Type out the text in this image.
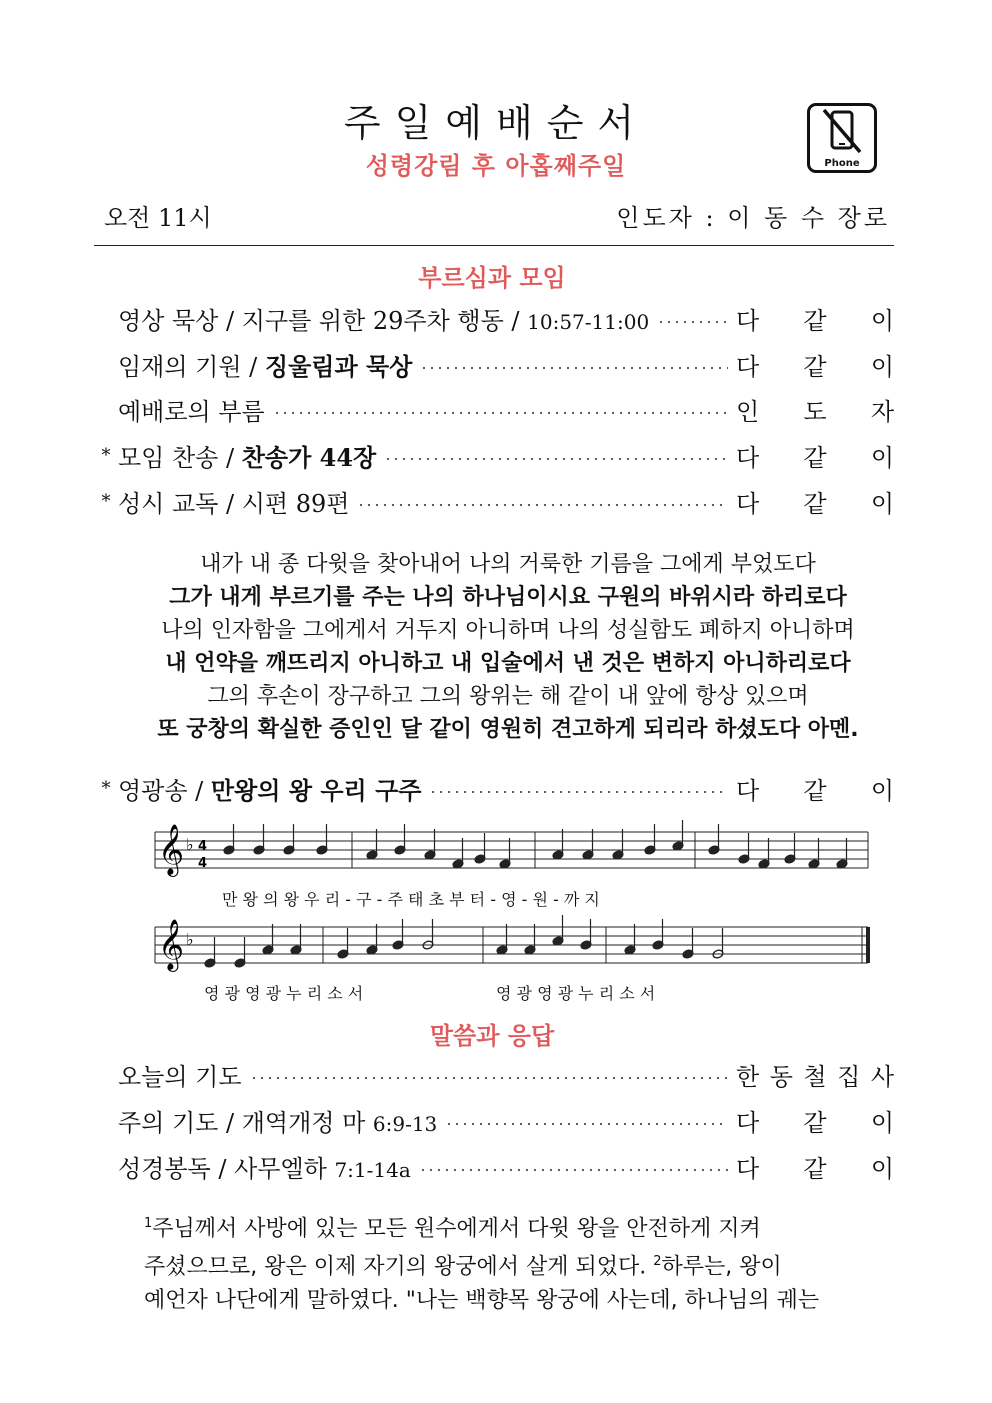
주일예배순서
성령강림 후 아홉째주일	Phone
오전 11시	인도자 : 이 동 수 장로
부르심과 모임
영상 묵상 / 지구를 위한 29주차 행동 / 10:57-11:00	다 같 이
임재의 기원 / 징울림과 묵상	다 같 이
예배로의 부름	인 도 자
* 모임 찬송 / 찬송가 44장	다 같 이
* 성시 교독 / 시편 89편	다 같 이
내가 내 종 다윗을 찾아내어 나의 거룩한 기름을 그에게 부었도다
그가 내게 부르기를 주는 나의 하나님이시요 구원의 바위시라 하리로다
나의 인자함을 그에게서 거두지 아니하며 나의 성실함도 폐하지 아니하며
내 언약을 깨뜨리지 아니하고 내 입술에서 낸 것은 변하지 아니하리로다
그의 후손이 장구하고 그의 왕위는 해 같이 내 앞에 항상 있으며
또 궁창의 확실한 증인인 달 같이 영원히 견고하게 되리라 하셨도다 아멘.
* 영광송 / 만왕의 왕 우리 구주	다 같 이
𝄞
𝄞
♭
♭
4
4
만 왕 의 왕 우 리 - 구 - 주 태 초 부 터 - 영 - 원 - 까 지
영 광 영 광 누 리 소 서	영 광 영 광 누 리 소 서
말씀과 응답
오늘의 기도	한 동 철 집 사
주의 기도 / 개역개정 마 6:9-13	다 같 이
성경봉독 / 사무엘하 7:1-14a	다 같 이
$^1$주님께서 사방에 있는 모든 원수에게서 다윗 왕을 안전하게 지켜
주셨으므로, 왕은 이제 자기의 왕궁에서 살게 되었다. $^2$하루는, 왕이
예언자 나단에게 말하였다. "나는 백향목 왕궁에 사는데, 하나님의 궤는
